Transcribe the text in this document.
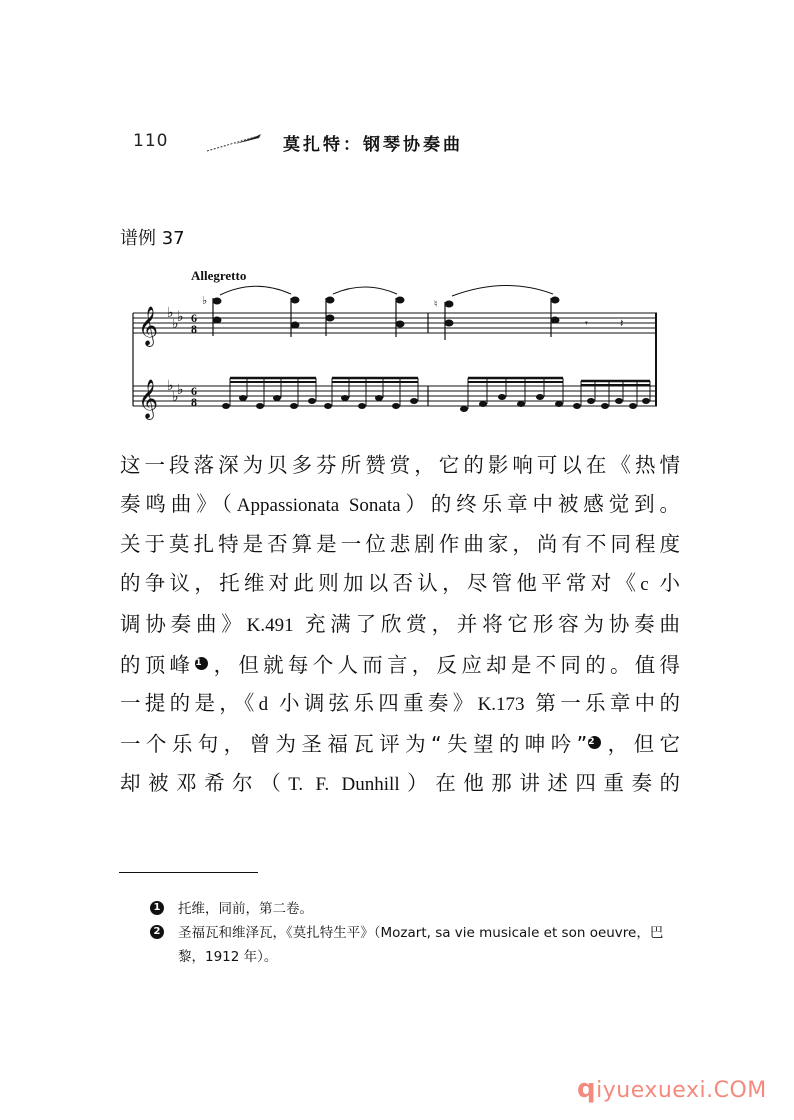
110	莫扎特：钢琴协奏曲
谱例 37
Allegretto
𝄞
𝄞
♭
♭
♭
♭
♭
♭
6
8
6
8
♭	♮
𝄾	𝄽
这一段落深为贝多芬所赞赏，它的影响可以在《热情
奏鸣曲》（Appassionata Sonata）的终乐章中被感觉到。
关于莫扎特是否算是一位悲剧作曲家，尚有不同程度
的争议，托维对此则加以否认，尽管他平常对《c 小
调协奏曲》K.491 充满了欣赏，并将它形容为协奏曲
的顶峰1 ，但就每个人而言，反应却是不同的。值得
一提的是，《d 小调弦乐四重奏》K.173 第一乐章中的
一个乐句，曾为圣福瓦评为“失望的呻吟”2 ，但它
却被邓希尔（T. F. Dunhill）在他那讲述四重奏的
1 托维，同前，第二卷。
2 圣福瓦和维泽瓦，《莫扎特生平》（Mozart, sa vie musicale et son oeuvre，巴黎，1912 年）。
qiyuexuexi.COM
